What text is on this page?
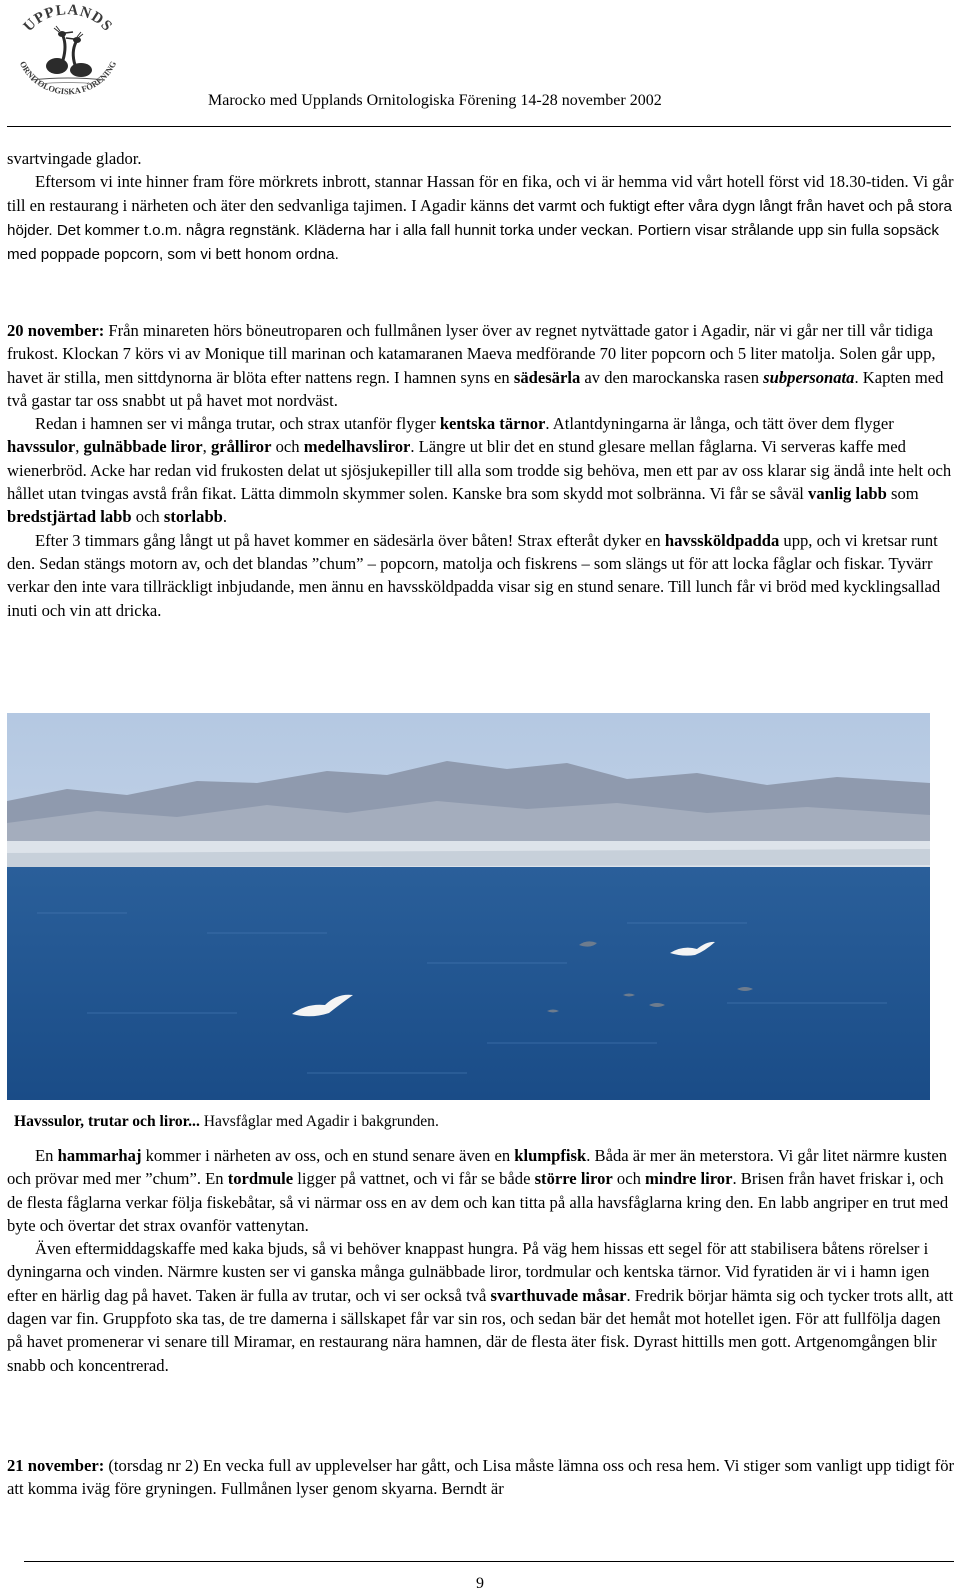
UPPLANDS
ORNITOLOGISKA FÖRENING
Marocko med Upplands Ornitologiska Förening 14-28 november 2002

svartvingade glador.

Eftersom vi inte hinner fram före mörkrets inbrott, stannar Hassan för en fika, och vi är hemma vid vårt hotell först vid 18.30-tiden. Vi går till en restaurang i närheten och äter den sedvanliga tajimen. I Agadir känns det varmt och fuktigt efter våra dygn långt från havet och på stora höjder. Det kommer t.o.m. några regnstänk. Kläderna har i alla fall hunnit torka under veckan. Portiern visar strålande upp sin fulla sopsäck med poppade popcorn, som vi bett honom ordna.

20 november: Från minareten hörs böneutroparen och fullmånen lyser över av regnet nytvättade gator i Agadir, när vi går ner till vår tidiga frukost. Klockan 7 körs vi av Monique till marinan och katamaranen Maeva medförande 70 liter popcorn och 5 liter matolja. Solen går upp, havet är stilla, men sittdynorna är blöta efter nattens regn. I hamnen syns en sädesärla av den marockanska rasen subpersonata. Kapten med två gastar tar oss snabbt ut på havet mot nordväst.

Redan i hamnen ser vi många trutar, och strax utanför flyger kentska tärnor. Atlantdyningarna är långa, och tätt över dem flyger havssulor, gulnäbbade liror, grålliror och medelhavsliror. Längre ut blir det en stund glesare mellan fåglarna. Vi serveras kaffe med wienerbröd. Acke har redan vid frukosten delat ut sjösjukepiller till alla som trodde sig behöva, men ett par av oss klarar sig ändå inte helt och hållet utan tvingas avstå från fikat. Lätta dimmoln skymmer solen. Kanske bra som skydd mot solbränna. Vi får se såväl vanlig labb som bredstjärtad labb och storlabb.

Efter 3 timmars gång långt ut på havet kommer en sädesärla över båten! Strax efteråt dyker en havssköldpadda upp, och vi kretsar runt den. Sedan stängs motorn av, och det blandas ”chum” – popcorn, matolja och fiskrens – som slängs ut för att locka fåglar och fiskar. Tyvärr verkar den inte vara tillräckligt inbjudande, men ännu en havssköldpadda visar sig en stund senare. Till lunch får vi bröd med kycklingsallad inuti och vin att dricka.

Havssulor, trutar och liror... Havsfåglar med Agadir i bakgrunden.

En hammarhaj kommer i närheten av oss, och en stund senare även en klumpfisk. Båda är mer än meterstora. Vi går litet närmre kusten och prövar med mer ”chum”. En tordmule ligger på vattnet, och vi får se både större liror och mindre liror. Brisen från havet friskar i, och de flesta fåglarna verkar följa fiskebåtar, så vi närmar oss en av dem och kan titta på alla havsfåglarna kring den. En labb angriper en trut med byte och övertar det strax ovanför vattenytan.

Även eftermiddagskaffe med kaka bjuds, så vi behöver knappast hungra. På väg hem hissas ett segel för att stabilisera båtens rörelser i dyningarna och vinden. Närmre kusten ser vi ganska många gulnäbbade liror, tordmular och kentska tärnor. Vid fyratiden är vi i hamn igen efter en härlig dag på havet. Taken är fulla av trutar, och vi ser också två svarthuvade måsar. Fredrik börjar hämta sig och tycker trots allt, att dagen var fin. Gruppfoto ska tas, de tre damerna i sällskapet får var sin ros, och sedan bär det hemåt mot hotellet igen. För att fullfölja dagen på havet promenerar vi senare till Miramar, en restaurang nära hamnen, där de flesta äter fisk. Dyrast hittills men gott. Artgenomgången blir snabb och koncentrerad.

21 november: (torsdag nr 2) En vecka full av upplevelser har gått, och Lisa måste lämna oss och resa hem. Vi stiger som vanligt upp tidigt för att komma iväg före gryningen. Fullmånen lyser genom skyarna. Berndt är

9
